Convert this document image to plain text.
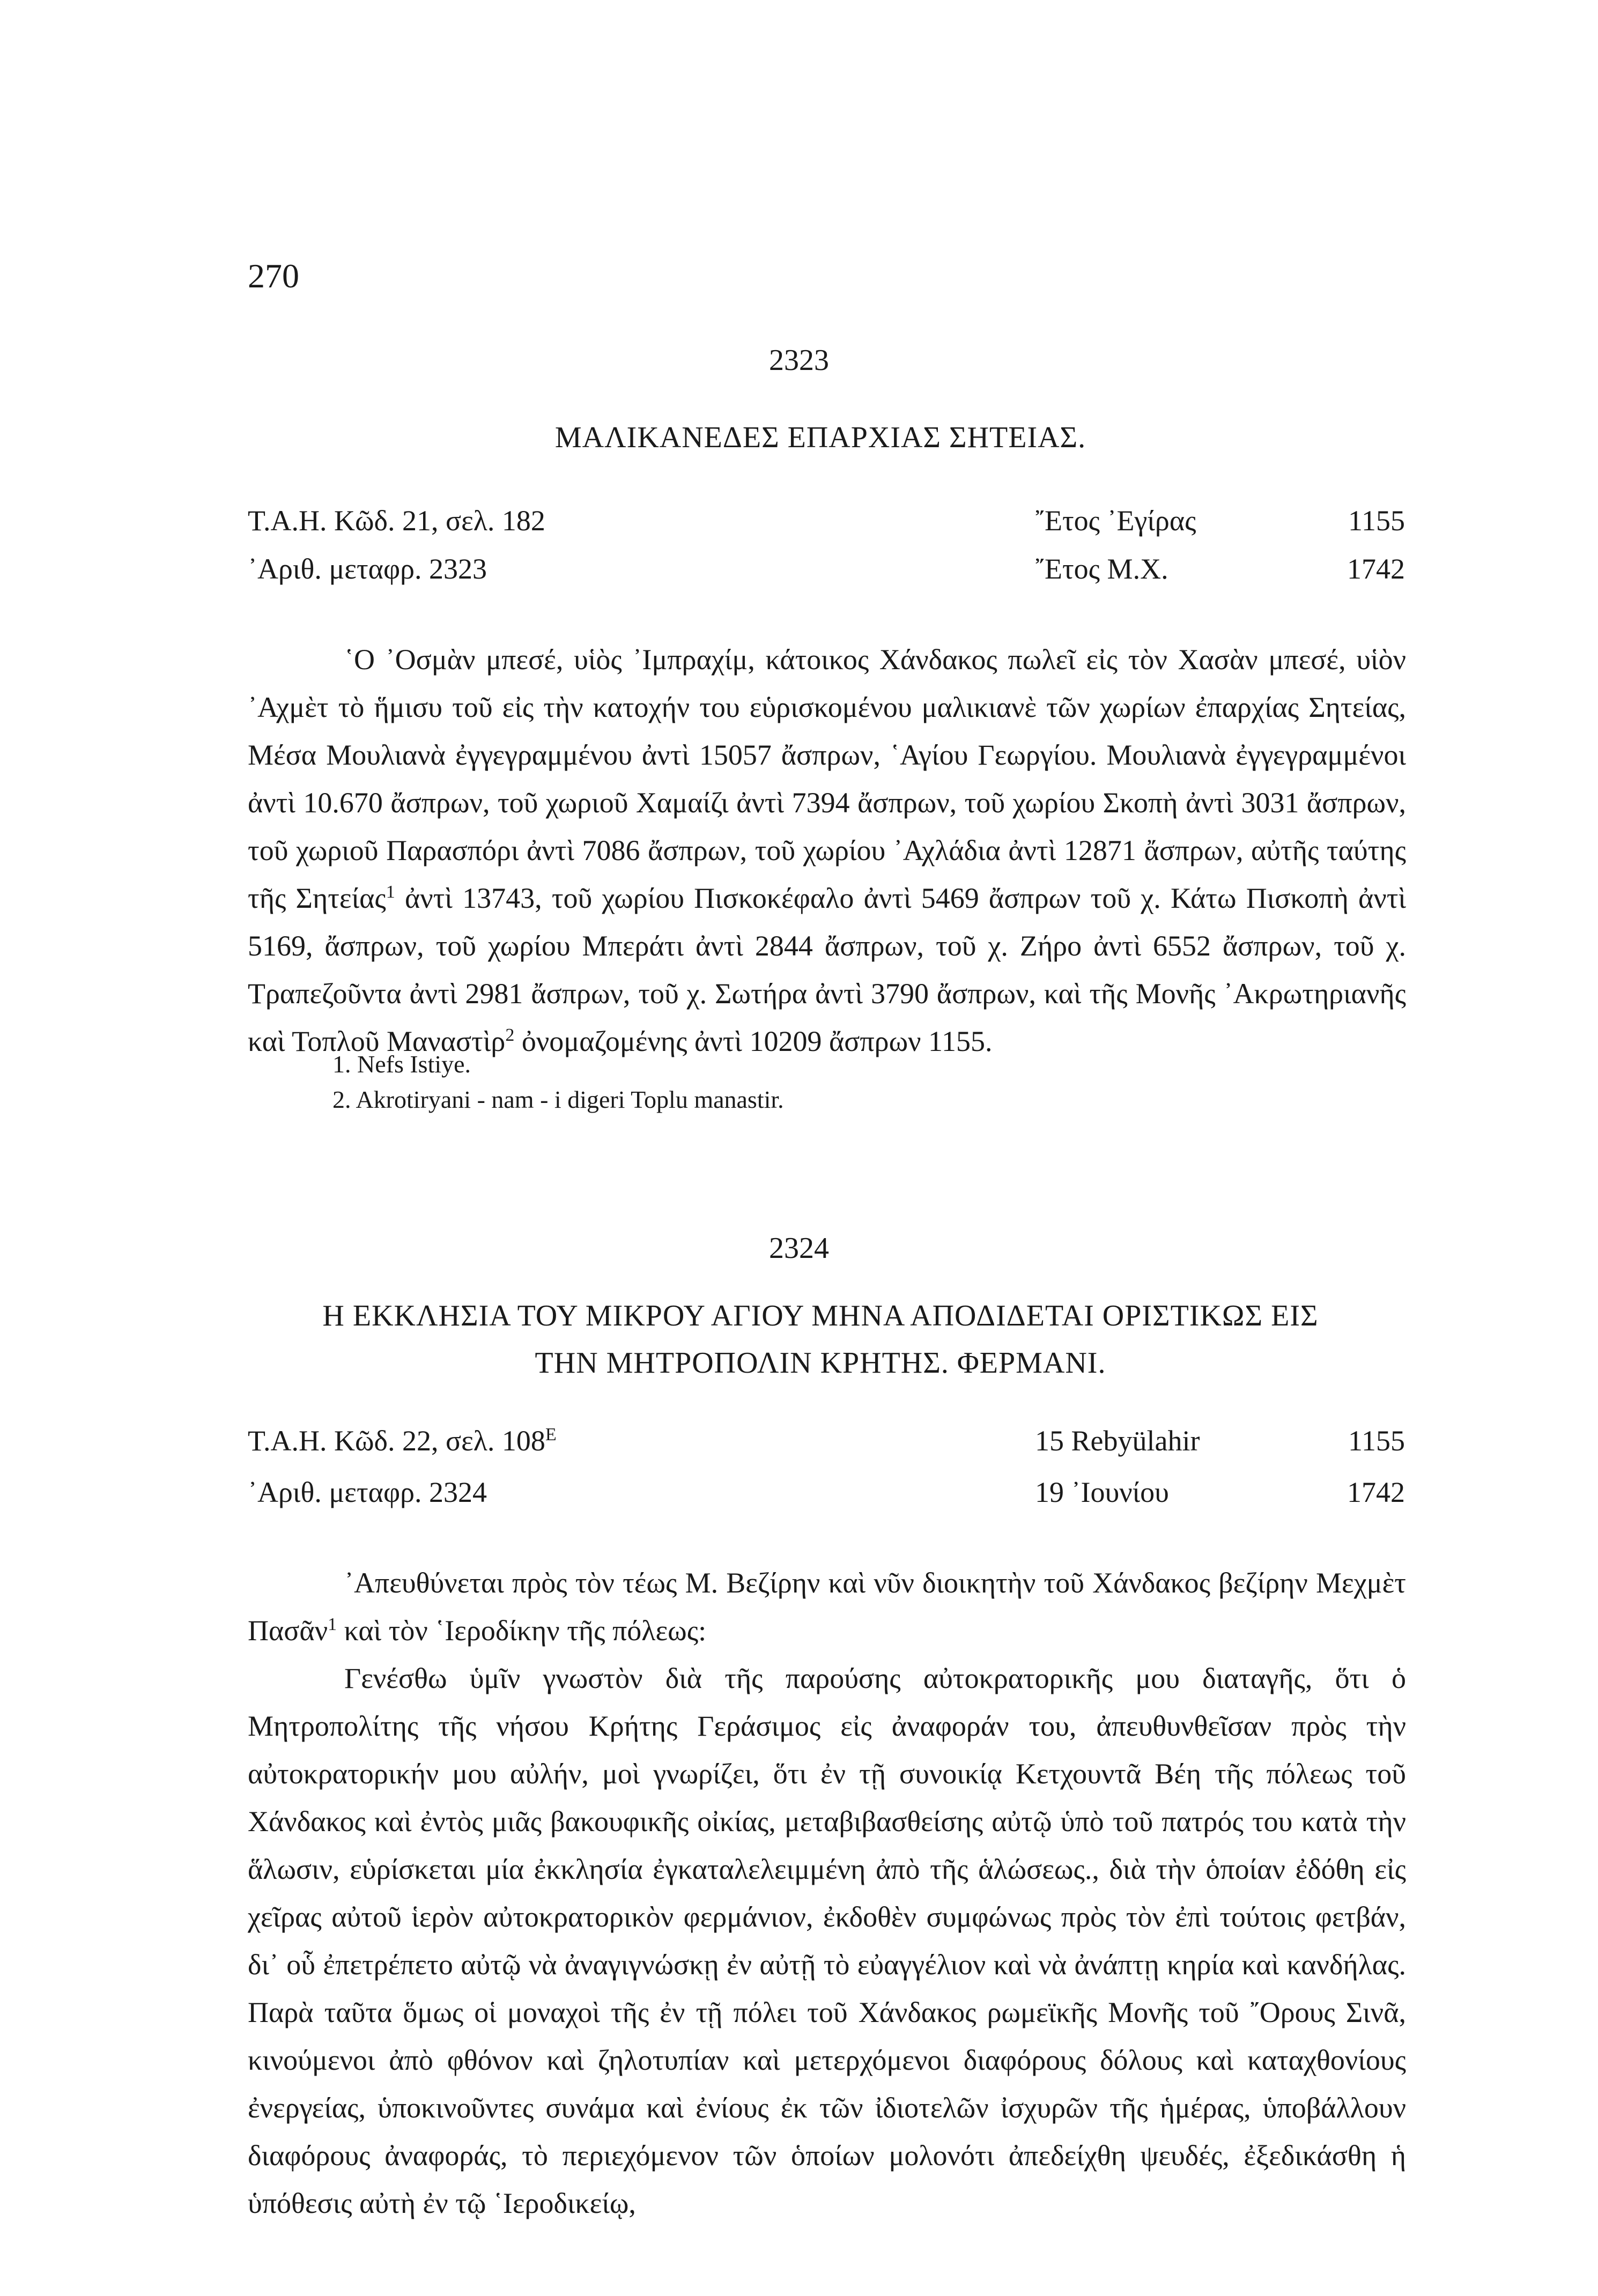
270
2323
ΜΑΛΙΚΑΝΕΔΕΣ ΕΠΑΡΧΙΑΣ ΣΗΤΕΙΑΣ.
Τ.Α.Η. Κῶδ. 21, σελ. 182	῎Ετος ᾿Εγίρας	1155
᾿Αριθ. μεταφρ. 2323	῎Ετος Μ.Χ.	1742

῾Ο ᾿Οσμὰν μπεσέ, υἱὸς ᾿Ιμπραχίμ, κάτοικος Χάνδακος πωλεῖ εἰς τὸν Χασὰν μπεσέ, υἱὸν ᾿Αχμὲτ τὸ ἥμισυ τοῦ εἰς τὴν κατοχήν του εὑρισκομένου μαλικιανὲ τῶν χωρίων ἐπαρχίας Σητείας, Μέσα Μουλιανὰ ἐγγεγραμμένου ἀντὶ 15057 ἄσπρων, ῾Αγίου Γεωργίου. Μουλιανὰ ἐγγεγραμμένοι ἀντὶ 10.670 ἄσπρων, τοῦ χωριοῦ Χαμαίζι ἀντὶ 7394 ἄσπρων, τοῦ χωρίου Σκοπὴ ἀντὶ 3031 ἄσπρων, τοῦ χωριοῦ Παρασπόρι ἀντὶ 7086 ἄσπρων, τοῦ χωρίου ᾿Αχλάδια ἀντὶ 12871 ἄσπρων, αὐτῆς ταύτης τῆς Σητείας$^1$ ἀντὶ 13743, τοῦ χωρίου Πισκοκέφαλο ἀντὶ 5469 ἄσπρων τοῦ χ. Κάτω Πισκοπὴ ἀντὶ 5169, ἄσπρων, τοῦ χωρίου Μπεράτι ἀντὶ 2844 ἄσπρων, τοῦ χ. Ζήρο ἀντὶ 6552 ἄσπρων, τοῦ χ. Τραπεζοῦντα ἀντὶ 2981 ἄσπρων, τοῦ χ. Σωτήρα ἀντὶ 3790 ἄσπρων, καὶ τῆς Μονῆς ᾿Ακρωτηριανῆς καὶ Τοπλοῦ Μαναστὶρ$^2$ ὀνομαζομένης ἀντὶ 10209 ἄσπρων 1155.

1. Nefs Istiye.
2. Akrotiryani - nam - i digeri Toplu manastir.
2324
Η ΕΚΚΛΗΣΙΑ ΤΟΥ ΜΙΚΡΟΥ ΑΓΙΟΥ ΜΗΝΑ ΑΠΟΔΙΔΕΤΑΙ ΟΡΙΣΤΙΚΩΣ ΕΙΣ
ΤΗΝ ΜΗΤΡΟΠΟΛΙΝ ΚΡΗΤΗΣ. ΦΕΡΜΑΝΙ.
Τ.Α.Η. Κῶδ. 22, σελ. $108^E$	15 Rebyülahir	1155
᾿Αριθ. μεταφρ. 2324	19 ᾿Ιουνίου	1742

᾿Απευθύνεται πρὸς τὸν τέως Μ. Βεζίρην καὶ νῦν διοικητὴν τοῦ Χάνδακος βεζίρην Μεχμὲτ Πασᾶν$^1$ καὶ τὸν ῾Ιεροδίκην τῆς πόλεως:

Γενέσθω ὑμῖν γνωστὸν διὰ τῆς παρούσης αὐτοκρατορικῆς μου διαταγῆς, ὅτι ὁ Μητροπολίτης τῆς νήσου Κρήτης Γεράσιμος εἰς ἀναφοράν του, ἀπευθυνθεῖσαν πρὸς τὴν αὐτοκρατορικήν μου αὐλήν, μοὶ γνωρίζει, ὅτι ἐν τῇ συνοικίᾳ Κετχουντᾶ Βέη τῆς πόλεως τοῦ Χάνδακος καὶ ἐντὸς μιᾶς βακουφικῆς οἰκίας, μεταβιβασθείσης αὐτῷ ὑπὸ τοῦ πατρός του κατὰ τὴν ἅλωσιν, εὑρίσκεται μία ἐκκλησία ἐγκαταλελειμμένη ἀπὸ τῆς ἁλώσεως., διὰ τὴν ὁποίαν ἐδόθη εἰς χεῖρας αὐτοῦ ἱερὸν αὐτοκρατορικὸν φερμάνιον, ἐκδοθὲν συμφώνως πρὸς τὸν ἐπὶ τούτοις φετβάν, δι᾿ οὗ ἐπετρέπετο αὐτῷ νὰ ἀναγιγνώσκῃ ἐν αὐτῇ τὸ εὐαγγέλιον καὶ νὰ ἀνάπτῃ κηρία καὶ κανδήλας. Παρὰ ταῦτα ὅμως οἱ μοναχοὶ τῆς ἐν τῇ πόλει τοῦ Χάνδακος ρωμεϊκῆς Μονῆς τοῦ ῎Ορους Σινᾶ, κινούμενοι ἀπὸ φθόνον καὶ ζηλοτυπίαν καὶ μετερχόμενοι διαφόρους δόλους καὶ καταχθονίους ἐνεργείας, ὑποκινοῦντες συνάμα καὶ ἐνίους ἐκ τῶν ἰδιοτελῶν ἰσχυρῶν τῆς ἡμέρας, ὑποβάλλουν διαφόρους ἀναφοράς, τὸ περιεχόμενον τῶν ὁποίων μολονότι ἀπεδείχθη ψευδές, ἐξεδικάσθη ἡ ὑπόθεσις αὐτὴ ἐν τῷ ῾Ιεροδικείῳ,
